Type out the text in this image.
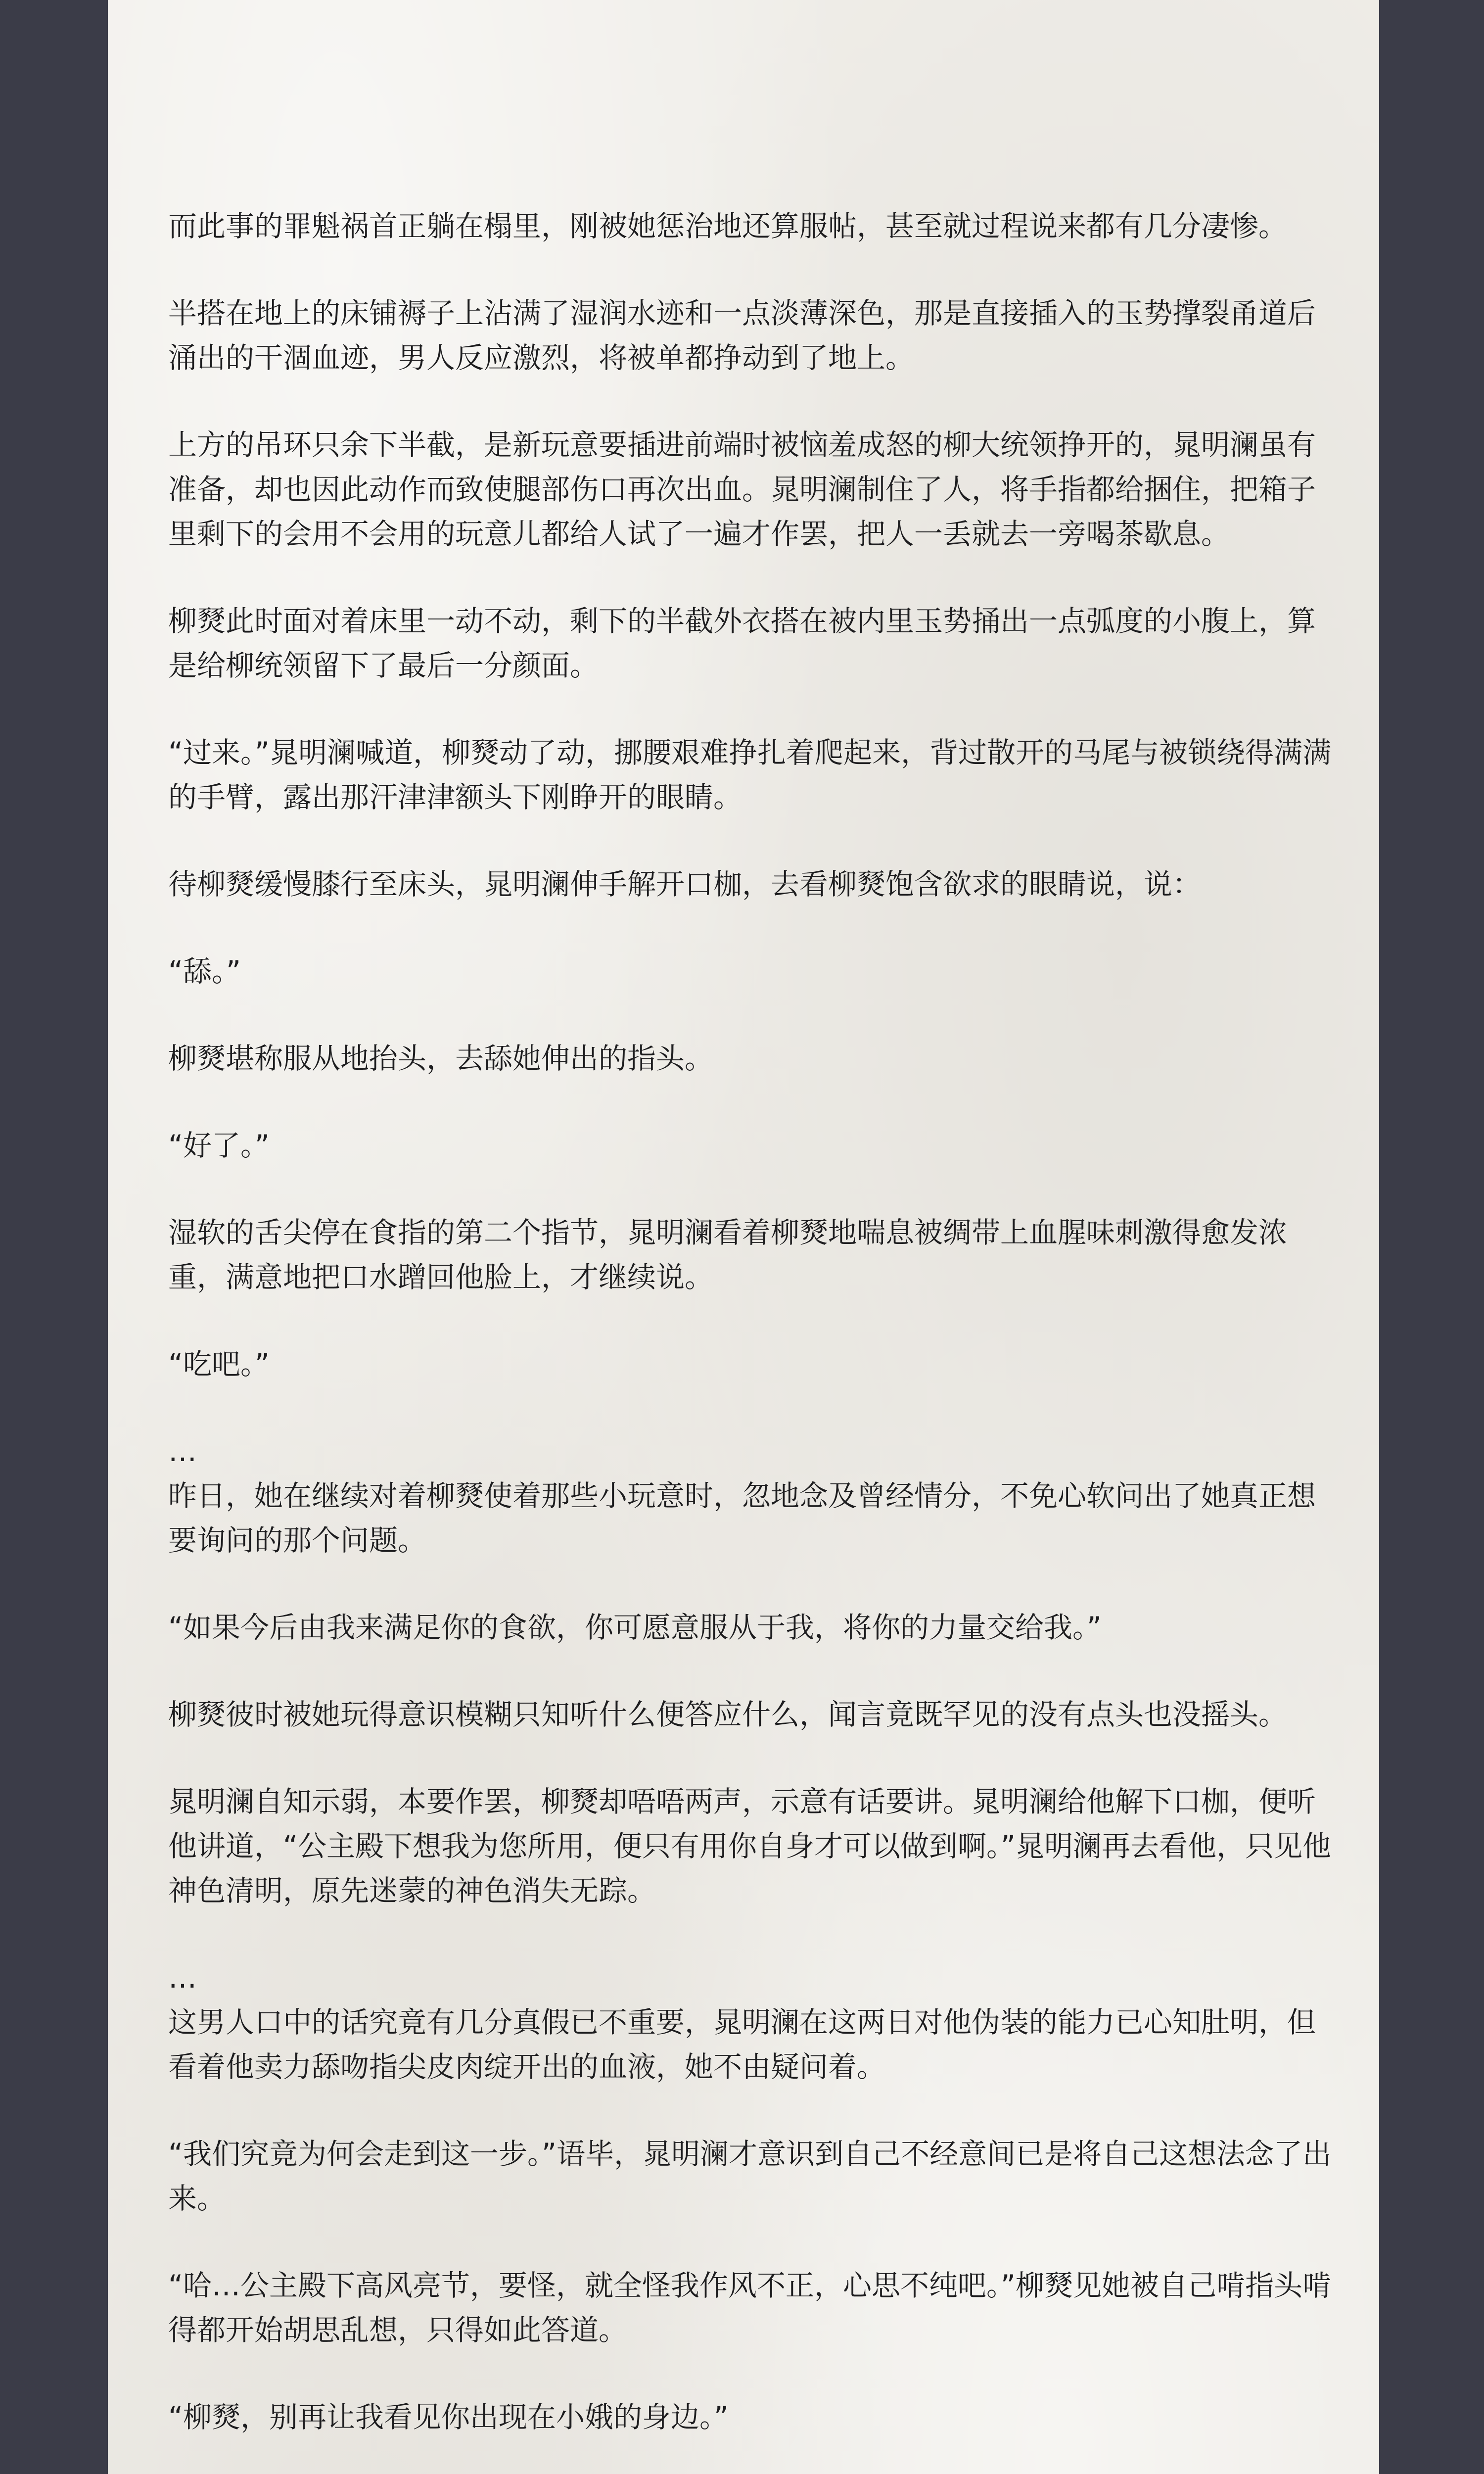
而此事的罪魁祸首正躺在榻里，刚被她惩治地还算服帖，甚至就过程说来都有几分凄惨。

半搭在地上的床铺褥子上沾满了湿润水迹和一点淡薄深色，那是直接插入的玉势撑裂甬道后涌出的干涸血迹，男人反应激烈，将被单都挣动到了地上。

上方的吊环只余下半截，是新玩意要插进前端时被恼羞成怒的柳大统领挣开的，晁明澜虽有准备，却也因此动作而致使腿部伤口再次出血。晁明澜制住了人，将手指都给捆住，把箱子里剩下的会用不会用的玩意儿都给人试了一遍才作罢，把人一丢就去一旁喝茶歇息。

柳燹此时面对着床里一动不动，剩下的半截外衣搭在被内里玉势捅出一点弧度的小腹上，算是给柳统领留下了最后一分颜面。

“过来。”晁明澜喊道，柳燹动了动，挪腰艰难挣扎着爬起来，背过散开的马尾与被锁绕得满满的手臂，露出那汗津津额头下刚睁开的眼睛。

待柳燹缓慢膝行至床头，晁明澜伸手解开口枷，去看柳燹饱含欲求的眼睛说，说：

“舔。”

柳燹堪称服从地抬头，去舔她伸出的指头。

“好了。”

湿软的舌尖停在食指的第二个指节，晁明澜看着柳燹地喘息被绸带上血腥味刺激得愈发浓重，满意地把口水蹭回他脸上，才继续说。

“吃吧。”

…
昨日，她在继续对着柳燹使着那些小玩意时，忽地念及曾经情分，不免心软问出了她真正想要询问的那个问题。

“如果今后由我来满足你的食欲，你可愿意服从于我，将你的力量交给我。”

柳燹彼时被她玩得意识模糊只知听什么便答应什么，闻言竟既罕见的没有点头也没摇头。

晁明澜自知示弱，本要作罢，柳燹却唔唔两声，示意有话要讲。晁明澜给他解下口枷，便听他讲道，“公主殿下想我为您所用，便只有用你自身才可以做到啊。”晁明澜再去看他，只见他神色清明，原先迷蒙的神色消失无踪。

…
这男人口中的话究竟有几分真假已不重要，晁明澜在这两日对他伪装的能力已心知肚明，但看着他卖力舔吻指尖皮肉绽开出的血液，她不由疑问着。

“我们究竟为何会走到这一步。”语毕，晁明澜才意识到自己不经意间已是将自己这想法念了出来。

“哈…公主殿下高风亮节，要怪，就全怪我作风不正，心思不纯吧。”柳燹见她被自己啃指头啃得都开始胡思乱想，只得如此答道。

“柳燹，别再让我看见你出现在小娥的身边。”
